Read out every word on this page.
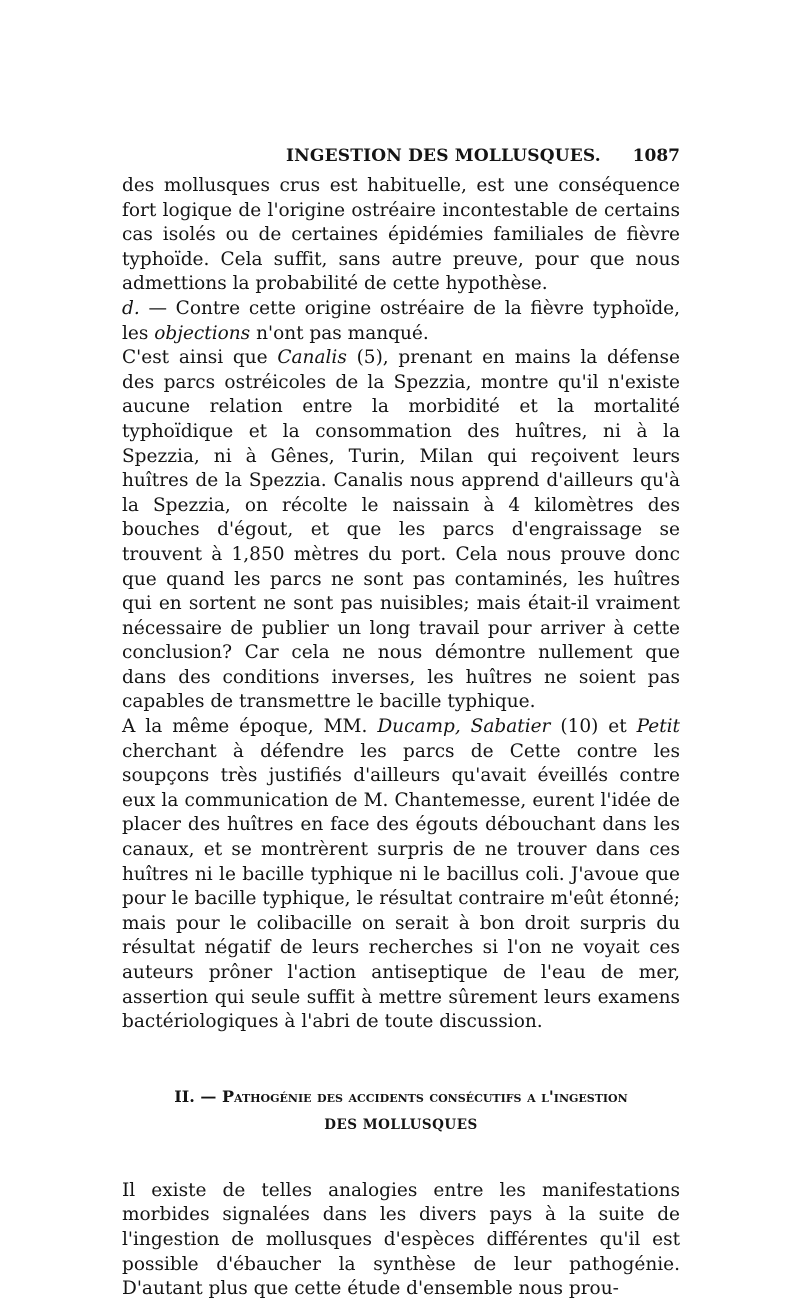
INGESTION DES MOLLUSQUES. 1087

des mollusques crus est habituelle, est une conséquence fort logique de l'origine ostréaire incontestable de certains cas isolés ou de certaines épidémies familiales de fièvre typhoïde. Cela suffit, sans autre preuve, pour que nous admettions la probabilité de cette hypothèse.

d. — Contre cette origine ostréaire de la fièvre typhoïde, les objections n'ont pas manqué.

C'est ainsi que Canalis (5), prenant en mains la défense des parcs ostréicoles de la Spezzia, montre qu'il n'existe aucune relation entre la morbidité et la mortalité typhoïdique et la consommation des huîtres, ni à la Spezzia, ni à Gênes, Turin, Milan qui reçoivent leurs huîtres de la Spezzia. Canalis nous apprend d'ailleurs qu'à la Spezzia, on récolte le naissain à 4 kilomètres des bouches d'égout, et que les parcs d'engraissage se trouvent à 1,850 mètres du port. Cela nous prouve donc que quand les parcs ne sont pas contaminés, les huîtres qui en sortent ne sont pas nuisibles; mais était-il vraiment nécessaire de publier un long travail pour arriver à cette conclusion? Car cela ne nous démontre nullement que dans des conditions inverses, les huîtres ne soient pas capables de transmettre le bacille typhique.

A la même époque, MM. Ducamp, Sabatier (10) et Petit cherchant à défendre les parcs de Cette contre les soupçons très justifiés d'ailleurs qu'avait éveillés contre eux la communication de M. Chantemesse, eurent l'idée de placer des huîtres en face des égouts débouchant dans les canaux, et se montrèrent surpris de ne trouver dans ces huîtres ni le bacille typhique ni le bacillus coli. J'avoue que pour le bacille typhique, le résultat contraire m'eût étonné; mais pour le colibacille on serait à bon droit surpris du résultat négatif de leurs recherches si l'on ne voyait ces auteurs prôner l'action antiseptique de l'eau de mer, assertion qui seule suffit à mettre sûrement leurs examens bactériologiques à l'abri de toute discussion.

II. — Pathogénie des accidents consécutifs a l'ingestion
DES MOLLUSQUES

Il existe de telles analogies entre les manifestations morbides signalées dans les divers pays à la suite de l'ingestion de mollusques d'espèces différentes qu'il est possible d'ébaucher la synthèse de leur pathogénie. D'autant plus que cette étude d'ensemble nous prou-
